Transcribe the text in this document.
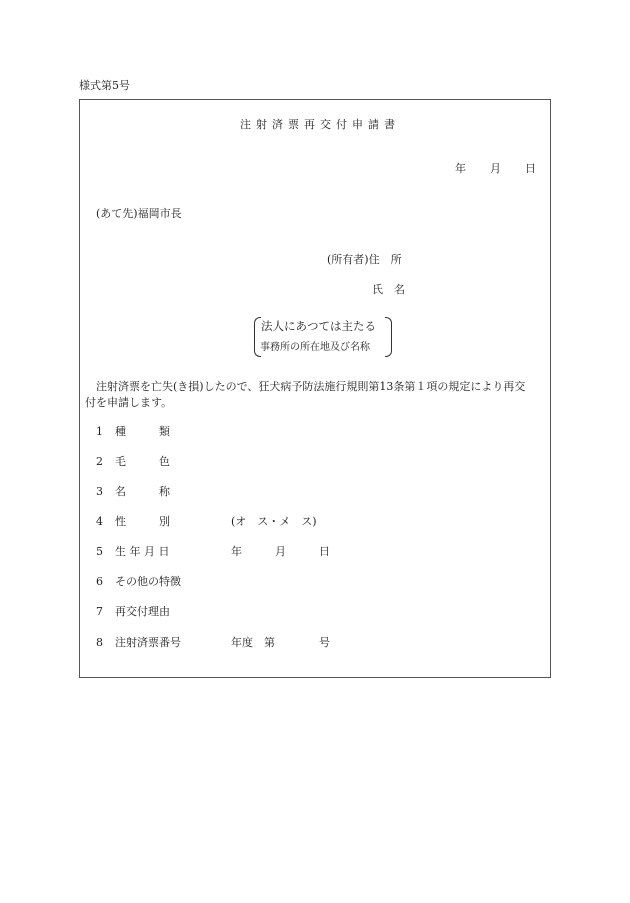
様式第5号
注射済票再交付申請書
年 月 日
(あて先)福岡市長
(所有者)住　所
氏　名
法人にあつては主たる
事務所の所在地及び名称
注射済票を亡失(き損)したので、狂犬病予防法施行規則第13条第１項の規定により再交付を申請します。
1 種　　　類
2 毛　　　色
3 名　　　称
4 性　　　別	(オ　ス・メ　ス)
5 生 年 月 日	年　　　月　　　日
6 その他の特徴
7 再交付理由
8 注射済票番号	年度　第　　　　号
